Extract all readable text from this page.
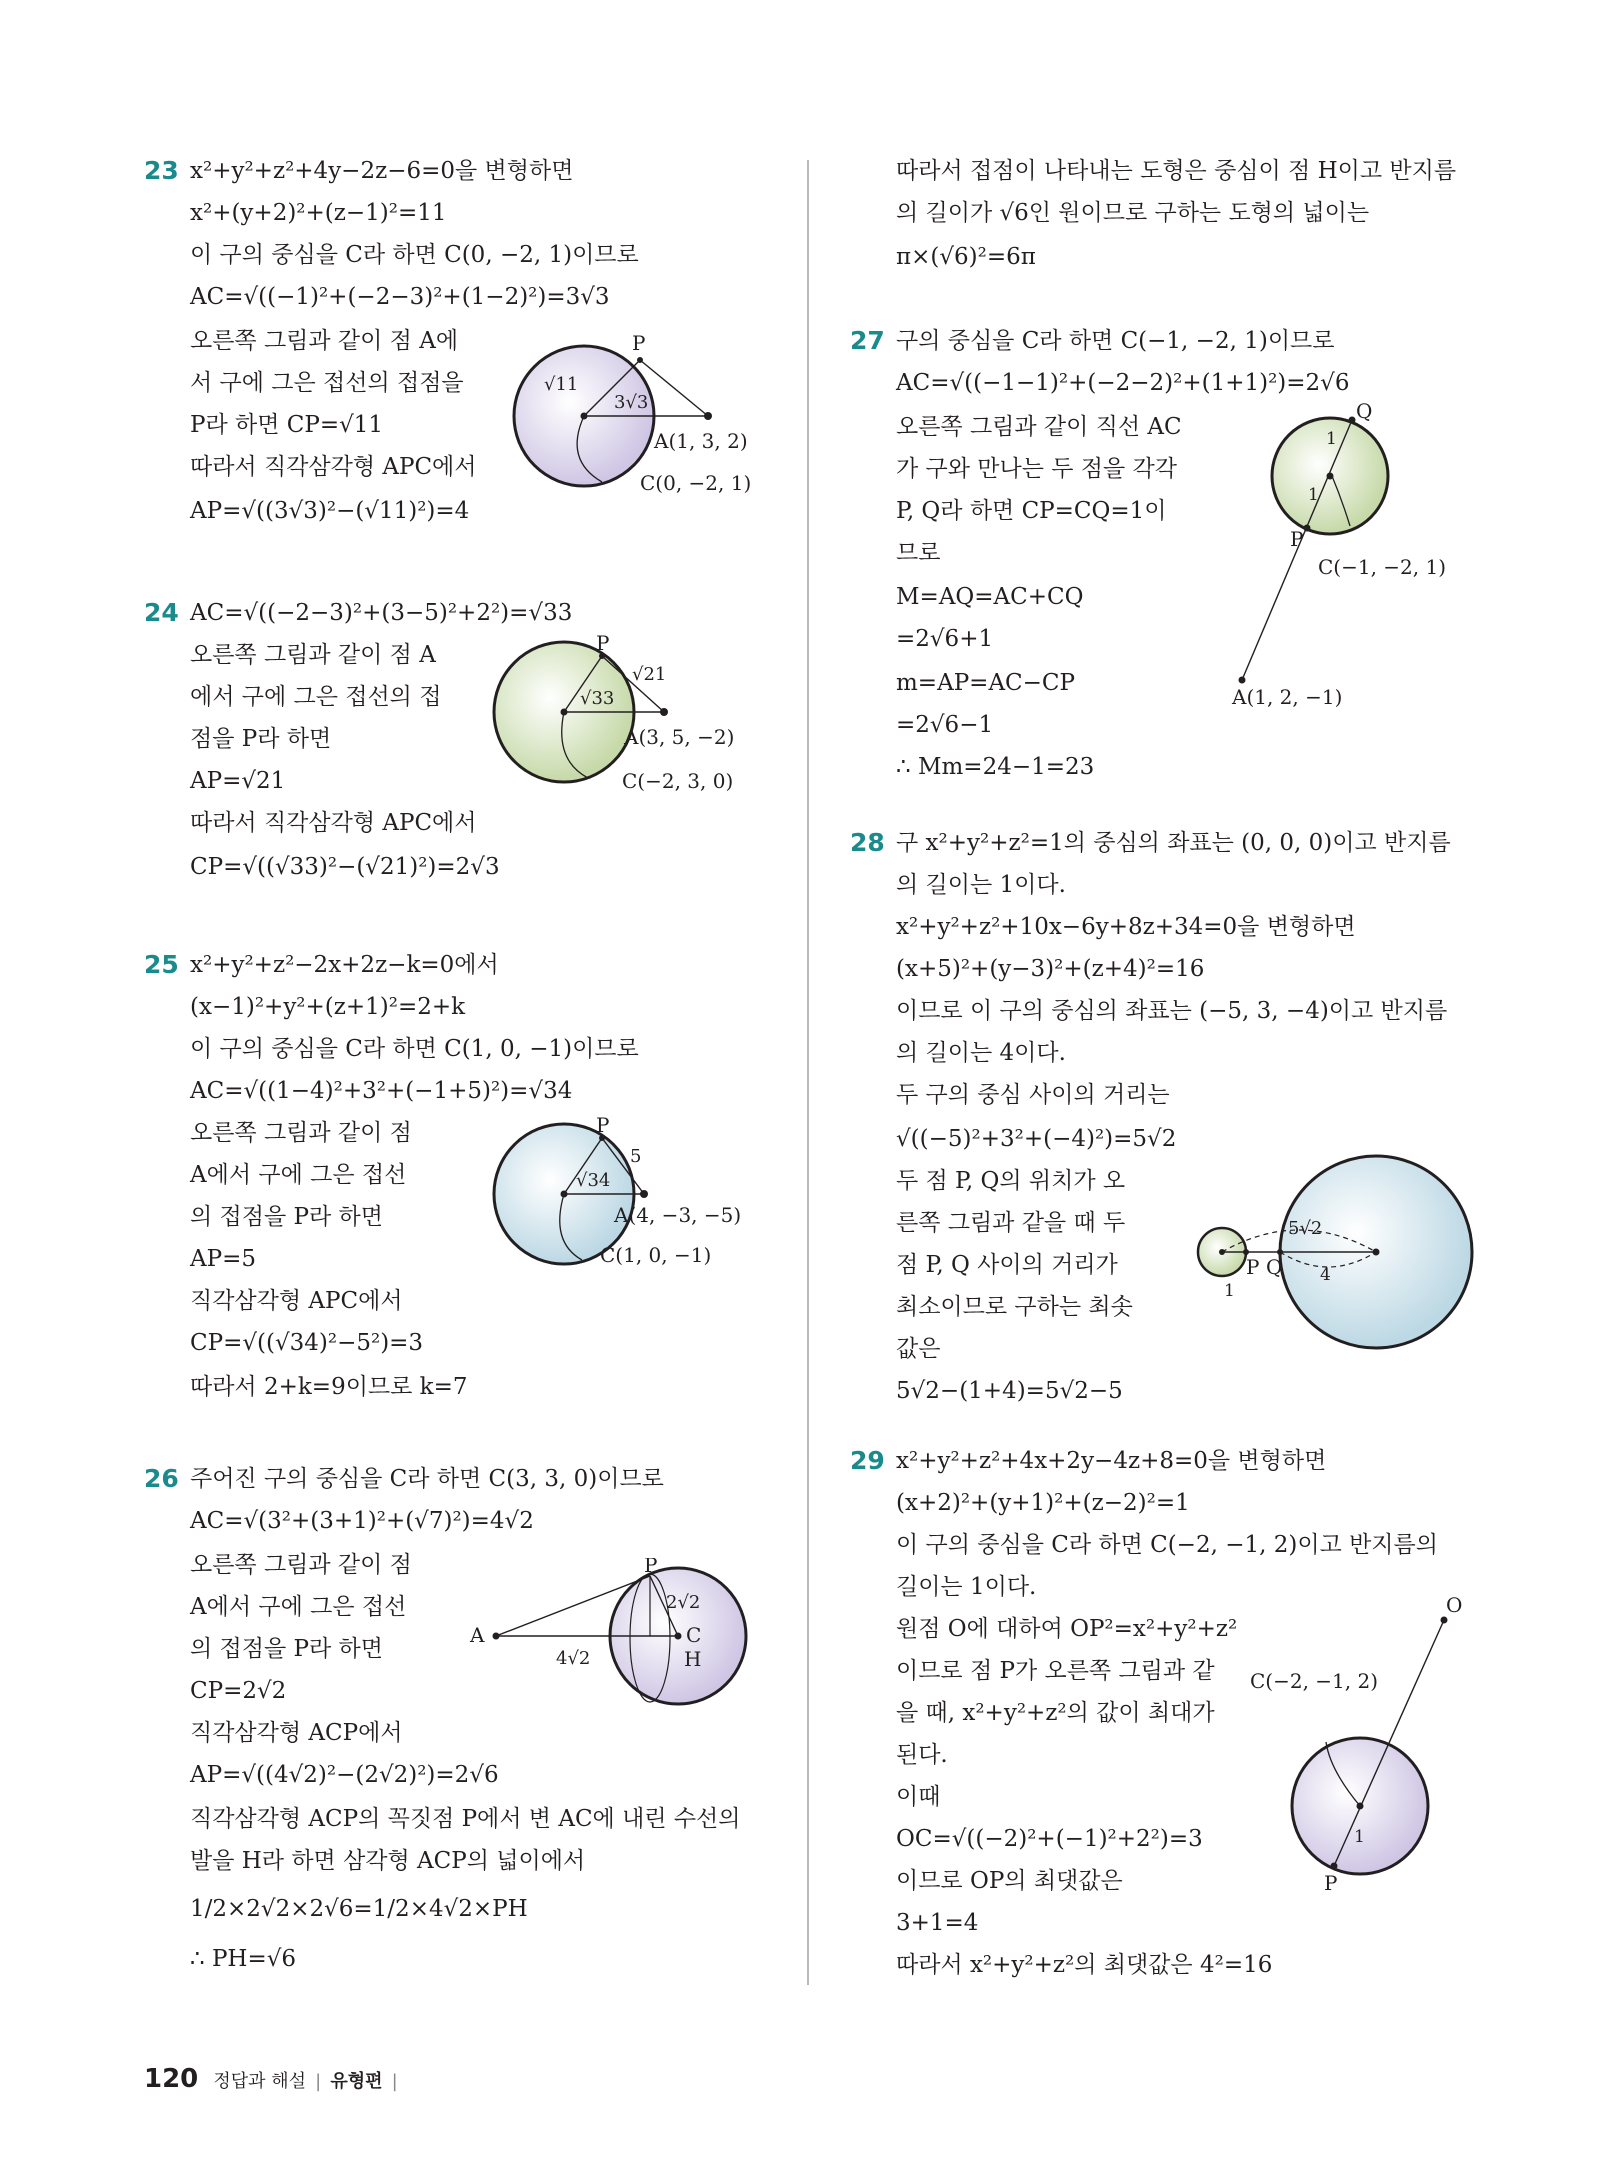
23 x²+y²+z²+4y−2z−6=0을 변형하면
x²+(y+2)²+(z−1)²=11
이 구의 중심을 C라 하면 C(0, −2, 1)이므로
AC=√((−1)²+(−2−3)²+(1−2)²)=3√3
오른쪽 그림과 같이 점 A에
서 구에 그은 접선의 접점을
P라 하면 CP=√11
따라서 직각삼각형 APC에서
AP=√((3√3)²−(√11)²)=4
P
√11
3√3
A(1, 3, 2)
C(0, −2, 1)
24 AC=√((−2−3)²+(3−5)²+2²)=√33
오른쪽 그림과 같이 점 A
에서 구에 그은 접선의 접
점을 P라 하면
AP=√21
따라서 직각삼각형 APC에서
CP=√((√33)²−(√21)²)=2√3
P
√21
√33
A(3, 5, −2)
C(−2, 3, 0)
25 x²+y²+z²−2x+2z−k=0에서
(x−1)²+y²+(z+1)²=2+k
이 구의 중심을 C라 하면 C(1, 0, −1)이므로
AC=√((1−4)²+3²+(−1+5)²)=√34
오른쪽 그림과 같이 점
A에서 구에 그은 접선
의 접점을 P라 하면
AP=5
직각삼각형 APC에서
CP=√((√34)²−5²)=3
따라서 2+k=9이므로 k=7
P
5
√34
A(4, −3, −5)
C(1, 0, −1)
26 주어진 구의 중심을 C라 하면 C(3, 3, 0)이므로
AC=√(3²+(3+1)²+(√7)²)=4√2
오른쪽 그림과 같이 점
A에서 구에 그은 접선
의 접점을 P라 하면
CP=2√2
직각삼각형 ACP에서
AP=√((4√2)²−(2√2)²)=2√6
직각삼각형 ACP의 꼭짓점 P에서 변 AC에 내린 수선의
발을 H라 하면 삼각형 ACP의 넓이에서
1/2×2√2×2√6=1/2×4√2×PH
∴ PH=√6
P
2√2
A
4√2
C
H
따라서 접점이 나타내는 도형은 중심이 점 H이고 반지름
의 길이가 √6인 원이므로 구하는 도형의 넓이는
π×(√6)²=6π
27 구의 중심을 C라 하면 C(−1, −2, 1)이므로
AC=√((−1−1)²+(−2−2)²+(1+1)²)=2√6
오른쪽 그림과 같이 직선 AC
가 구와 만나는 두 점을 각각
P, Q라 하면 CP=CQ=1이
므로
M=AQ=AC+CQ
=2√6+1
m=AP=AC−CP
=2√6−1
∴ Mm=24−1=23
Q
1
1
P
C(−1, −2, 1)
A(1, 2, −1)
28 구 x²+y²+z²=1의 중심의 좌표는 (0, 0, 0)이고 반지름
의 길이는 1이다.
x²+y²+z²+10x−6y+8z+34=0을 변형하면
(x+5)²+(y−3)²+(z+4)²=16
이므로 이 구의 중심의 좌표는 (−5, 3, −4)이고 반지름
의 길이는 4이다.
두 구의 중심 사이의 거리는
√((−5)²+3²+(−4)²)=5√2
두 점 P, Q의 위치가 오
른쪽 그림과 같을 때 두
점 P, Q 사이의 거리가
최소이므로 구하는 최솟
값은
5√2−(1+4)=5√2−5
5√2
P Q 4
1
29 x²+y²+z²+4x+2y−4z+8=0을 변형하면
(x+2)²+(y+1)²+(z−2)²=1
이 구의 중심을 C라 하면 C(−2, −1, 2)이고 반지름의
길이는 1이다.
원점 O에 대하여 OP²=x²+y²+z²
이므로 점 P가 오른쪽 그림과 같
을 때, x²+y²+z²의 값이 최대가
된다.
이때
OC=√((−2)²+(−1)²+2²)=3
이므로 OP의 최댓값은
3+1=4
따라서 x²+y²+z²의 최댓값은 4²=16
O
C(−2, −1, 2)
1
P
120 정답과 해설 | 유형편 |
